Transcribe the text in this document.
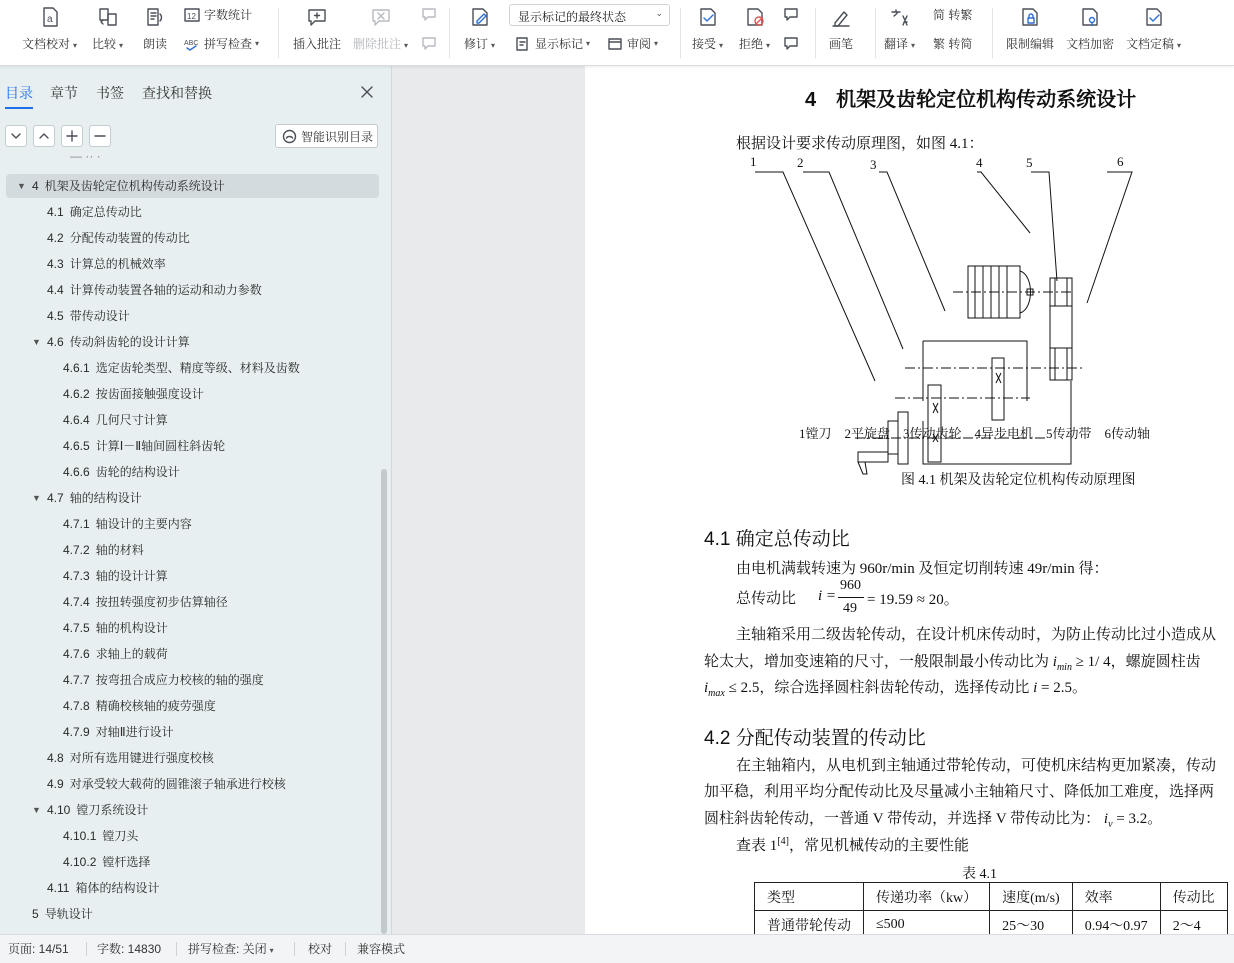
a
文档校对 ▾ 比较 ▾ 朗读
12 字数统计
ABC 拼写检查 ▾	插入批注 删除批注 ▾	修订 ▾
显示标记的最终状态	⌄
显示标记 ▾	审阅 ▾	接受 ▾ 拒绝 ▾	画笔	翻译 ▾
简 转繁
繁 转简	限制编辑 文档加密 文档定稿 ▾
目录 章节 书签 查找和替换
智能识别目录
— ·· ·
4 机架及齿轮定位机构传动系统设计
▼
4.1 确定总传动比
4.2 分配传动装置的传动比
4.3 计算总的机械效率
4.4 计算传动装置各轴的运动和动力参数
4.5 带传动设计
4.6 传动斜齿轮的设计计算
▼
4.6.1 选定齿轮类型、精度等级、材料及齿数
4.6.2 按齿面接触强度设计
4.6.4 几何尺寸计算
4.6.5 计算Ⅰ－Ⅱ轴间圆柱斜齿轮
4.6.6 齿轮的结构设计
4.7 轴的结构设计
▼
4.7.1 轴设计的主要内容
4.7.2 轴的材料
4.7.3 轴的设计计算
4.7.4 按扭转强度初步估算轴径
4.7.5 轴的机构设计
4.7.6 求轴上的载荷
4.7.7 按弯扭合成应力校核的轴的强度
4.7.8 精确校核轴的疲劳强度
4.7.9 对轴Ⅱ进行设计
4.8 对所有选用键进行强度校核
4.9 对承受较大载荷的圆锥滚子轴承进行校核
4.10 镗刀系统设计
▼
4.10.1 镗刀头
4.10.2 镗杆选择
4.11 箱体的结构设计
5 导轨设计
4　机架及齿轮定位机构传动系统设计
根据设计要求传动原理图，如图 4.1：
1	2	3	4	5	6
1镗刀　2平旋盘　3传动齿轮　4异步电机　5传动带　6传动轴
图 4.1 机架及齿轮定位机构传动原理图
4.1 确定总传动比
由电机满载转速为 960r/min 及恒定切削转速 49r/min 得：
总传动比 i =
960
49
= 19.59 ≈ 20。
主轴箱采用二级齿轮传动，在设计机床传动时，为防止传动比过小造成从
轮太大，增加变速箱的尺寸，一般限制最小传动比为 $i_{min} \ge 1/$ 4，螺旋圆柱齿
$i_{max} \le 2.5$，综合选择圆柱斜齿轮传动，选择传动比 i = 2.5。
4.2 分配传动装置的传动比
在主轴箱内，从电机到主轴通过带轮传动，可使机床结构更加紧凑，传动
加平稳，利用平均分配传动比及尽量减小主轴箱尺寸、降低加工难度，选择两
圆柱斜齿轮传动，一普通 V 带传动，并选择 V 带传动比为： $i_v = 3.2$。
查表 1[4]，常见机械传动的主要性能
表 4.1
类型	传递功率（kw）	速度(m/s)	效率	传动比
普通带轮传动	≤500	25～30	0.94～0.97	2～4
页面: 14/51 字数: 14830 拼写检查: 关闭 ▾	校对 兼容模式
